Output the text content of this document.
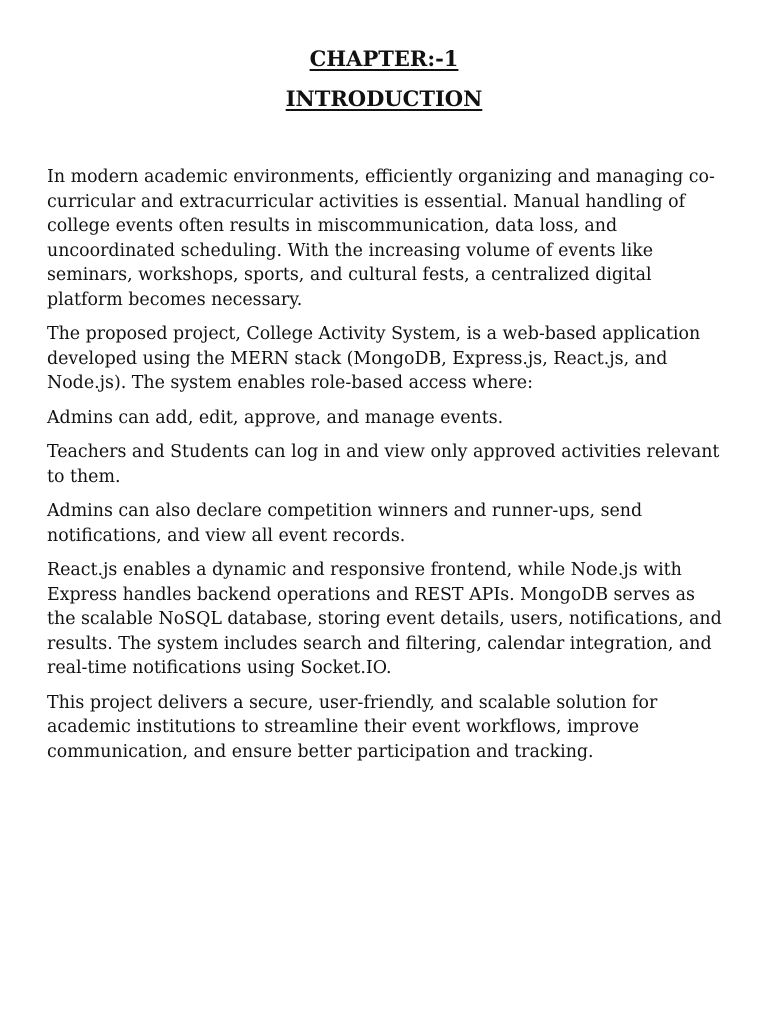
CHAPTER:-1
INTRODUCTION

In modern academic environments, efficiently organizing and managing co-curricular and extracurricular activities is essential. Manual handling of college events often results in miscommunication, data loss, and uncoordinated scheduling. With the increasing volume of events like seminars, workshops, sports, and cultural fests, a centralized digital platform becomes necessary.

The proposed project, College Activity System, is a web-based application developed using the MERN stack (MongoDB, Express.js, React.js, and Node.js). The system enables role-based access where:

Admins can add, edit, approve, and manage events.

Teachers and Students can log in and view only approved activities relevant to them.

Admins can also declare competition winners and runner-ups, send notifications, and view all event records.

React.js enables a dynamic and responsive frontend, while Node.js with Express handles backend operations and REST APIs. MongoDB serves as the scalable NoSQL database, storing event details, users, notifications, and results. The system includes search and filtering, calendar integration, and real-time notifications using Socket.IO.

This project delivers a secure, user-friendly, and scalable solution for academic institutions to streamline their event workflows, improve communication, and ensure better participation and tracking.
